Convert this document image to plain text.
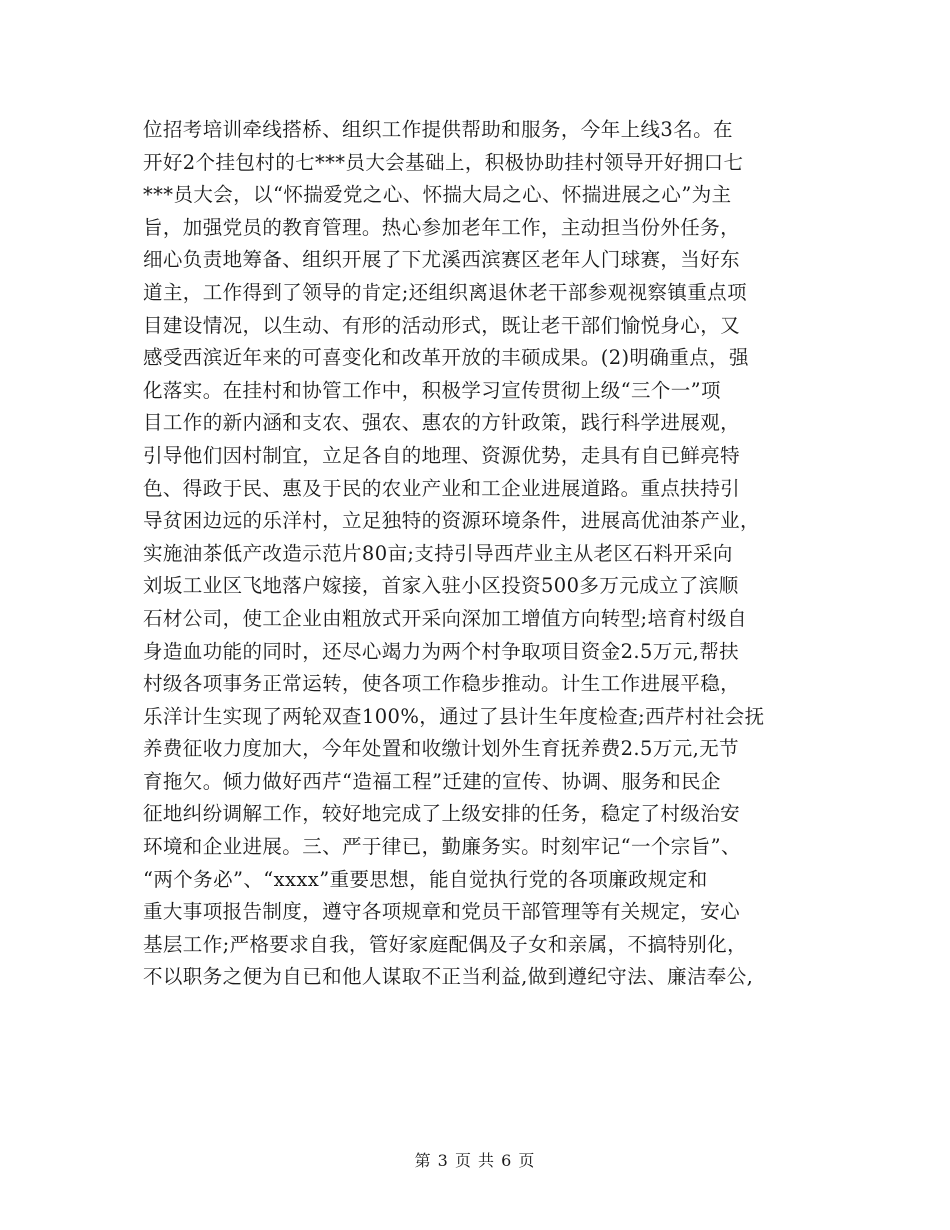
位招考培训牵线搭桥、组织工作提供帮助和服务，今年上线3名。在
开好2个挂包村的七***员大会基础上，积极协助挂村领导开好拥口七
***员大会，以“怀揣爱党之心、怀揣大局之心、怀揣进展之心”为主
旨，加强党员的教育管理。热心参加老年工作，主动担当份外任务，
细心负责地筹备、组织开展了下尤溪西滨赛区老年人门球赛，当好东
道主，工作得到了领导的肯定;还组织离退休老干部参观视察镇重点项
目建设情况，以生动、有形的活动形式，既让老干部们愉悦身心，又
感受西滨近年来的可喜变化和改革开放的丰硕成果。(2)明确重点，强
化落实。在挂村和协管工作中，积极学习宣传贯彻上级“三个一”项
目工作的新内涵和支农、强农、惠农的方针政策，践行科学进展观，
引导他们因村制宜，立足各自的地理、资源优势，走具有自已鲜亮特
色、得政于民、惠及于民的农业产业和工企业进展道路。重点扶持引
导贫困边远的乐洋村，立足独特的资源环境条件，进展高优油茶产业，
实施油茶低产改造示范片80亩;支持引导西芹业主从老区石料开采向
刘坂工业区飞地落户嫁接，首家入驻小区投资500多万元成立了滨顺
石材公司，使工企业由粗放式开采向深加工增值方向转型;培育村级自
身造血功能的同时，还尽心竭力为两个村争取项目资金2.5万元,帮扶
村级各项事务正常运转，使各项工作稳步推动。计生工作进展平稳，
乐洋计生实现了两轮双查100%，通过了县计生年度检查;西芹村社会抚
养费征收力度加大，今年处置和收缴计划外生育抚养费2.5万元,无节
育拖欠。倾力做好西芹“造福工程”迁建的宣传、协调、服务和民企
征地纠纷调解工作，较好地完成了上级安排的任务，稳定了村级治安
环境和企业进展。三、严于律已，勤廉务实。时刻牢记“一个宗旨”、
“两个务必”、“xxxx”重要思想，能自觉执行党的各项廉政规定和
重大事项报告制度，遵守各项规章和党员干部管理等有关规定，安心
基层工作;严格要求自我，管好家庭配偶及子女和亲属，不搞特别化，
不以职务之便为自已和他人谋取不正当利益,做到遵纪守法、廉洁奉公,
第 3 页 共 6 页
